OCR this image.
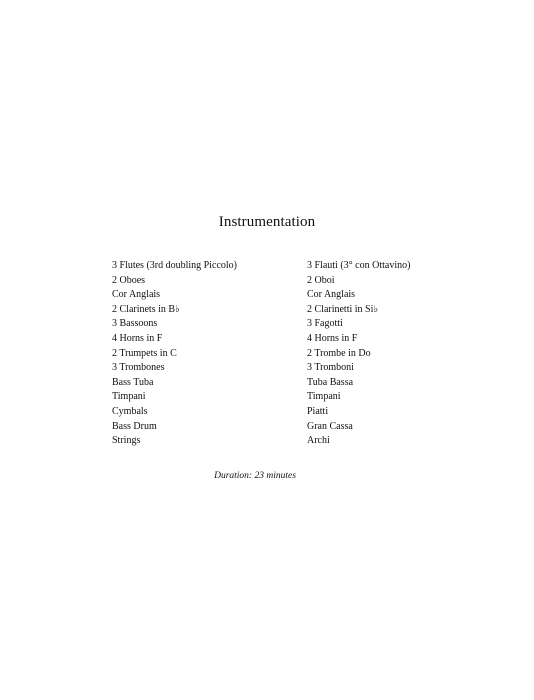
Instrumentation
3 Flutes (3rd doubling Piccolo)
2 Oboes
Cor Anglais
2 Clarinets in B♭
3 Bassoons
4 Horns in F
2 Trumpets in C
3 Trombones
Bass Tuba
Timpani
Cymbals
Bass Drum
Strings
3 Flauti (3° con Ottavino)
2 Oboi
Cor Anglais
2 Clarinetti in Si♭
3 Fagotti
4 Horns in F
2 Trombe in Do
3 Tromboni
Tuba Bassa
Timpani
Piatti
Gran Cassa
Archi
Duration: 23 minutes
